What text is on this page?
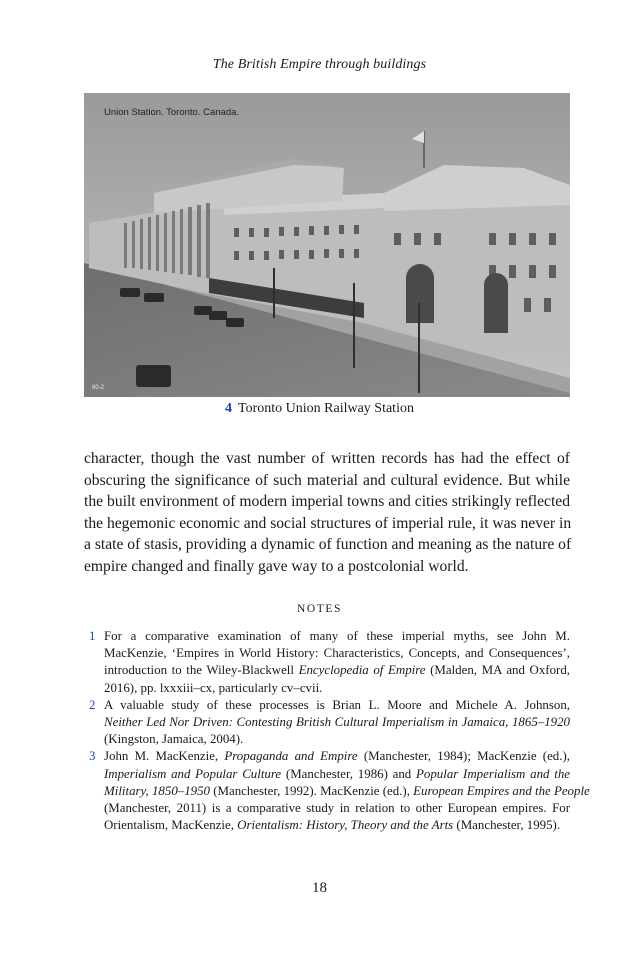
The British Empire through buildings
Union Station. Toronto. Canada.
80-2
4 Toronto Union Railway Station
character, though the vast number of written records has had the effect of
obscuring the significance of such material and cultural evidence. But while
the built environment of modern imperial towns and cities strikingly reflected
the hegemonic economic and social structures of imperial rule, it was never in
a state of stasis, providing a dynamic of function and meaning as the nature of
empire changed and finally gave way to a postcolonial world.
NOTES
1 For a comparative examination of many of these imperial myths, see John M.
MacKenzie, ‘Empires in World History: Characteristics, Concepts, and Consequences’,
introduction to the Wiley-Blackwell Encyclopedia of Empire (Malden, MA and Oxford,
2016), pp. lxxxiii–cx, particularly cv–cvii.
2 A valuable study of these processes is Brian L. Moore and Michele A. Johnson,
Neither Led Nor Driven: Contesting British Cultural Imperialism in Jamaica, 1865–1920
(Kingston, Jamaica, 2004).
3 John M. MacKenzie, Propaganda and Empire (Manchester, 1984); MacKenzie (ed.),
Imperialism and Popular Culture (Manchester, 1986) and Popular Imperialism and the
Military, 1850–1950 (Manchester, 1992). MacKenzie (ed.), European Empires and the People
(Manchester, 2011) is a comparative study in relation to other European empires. For
Orientalism, MacKenzie, Orientalism: History, Theory and the Arts (Manchester, 1995).
18
